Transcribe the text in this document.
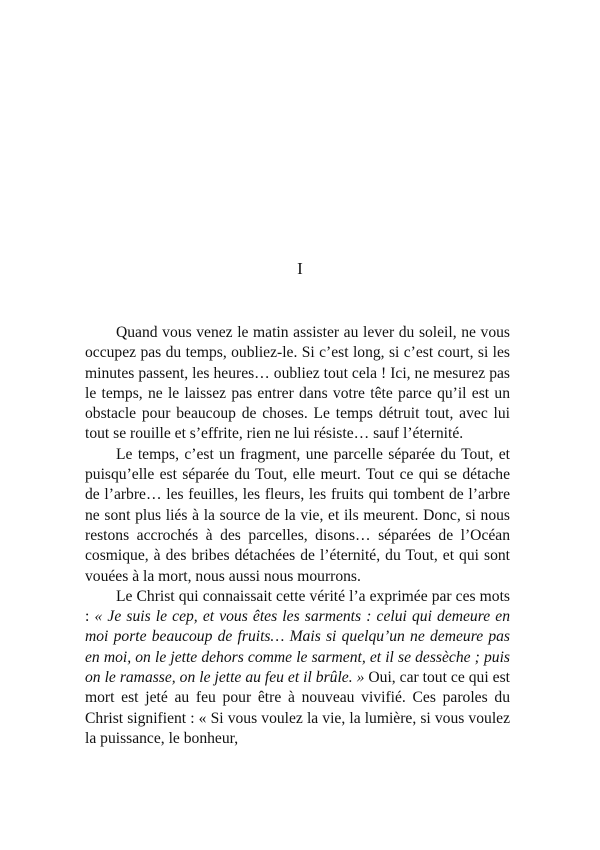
I

Quand vous venez le matin assister au lever du soleil, ne vous occupez pas du temps, oubliez-le. Si c’est long, si c’est court, si les minutes passent, les heures… oubliez tout cela ! Ici, ne mesurez pas le temps, ne le laissez pas entrer dans votre tête parce qu’il est un obstacle pour beaucoup de choses. Le temps détruit tout, avec lui tout se rouille et s’effrite, rien ne lui résiste… sauf l’éternité.

Le temps, c’est un fragment, une parcelle séparée du Tout, et puisqu’elle est séparée du Tout, elle meurt. Tout ce qui se détache de l’arbre… les feuilles, les fleurs, les fruits qui tombent de l’arbre ne sont plus liés à la source de la vie, et ils meurent. Donc, si nous restons accrochés à des parcelles, disons… séparées de l’Océan cosmique, à des bribes détachées de l’éternité, du Tout, et qui sont vouées à la mort, nous aussi nous mourrons.

Le Christ qui connaissait cette vérité l’a exprimée par ces mots : « Je suis le cep, et vous êtes les sarments : celui qui demeure en moi porte beaucoup de fruits… Mais si quelqu’un ne demeure pas en moi, on le jette dehors comme le sarment, et il se dessèche ; puis on le ramasse, on le jette au feu et il brûle. » Oui, car tout ce qui est mort est jeté au feu pour être à nouveau vivifié. Ces paroles du Christ signifient : « Si vous voulez la vie, la lumière, si vous voulez la puissance, le bonheur,
